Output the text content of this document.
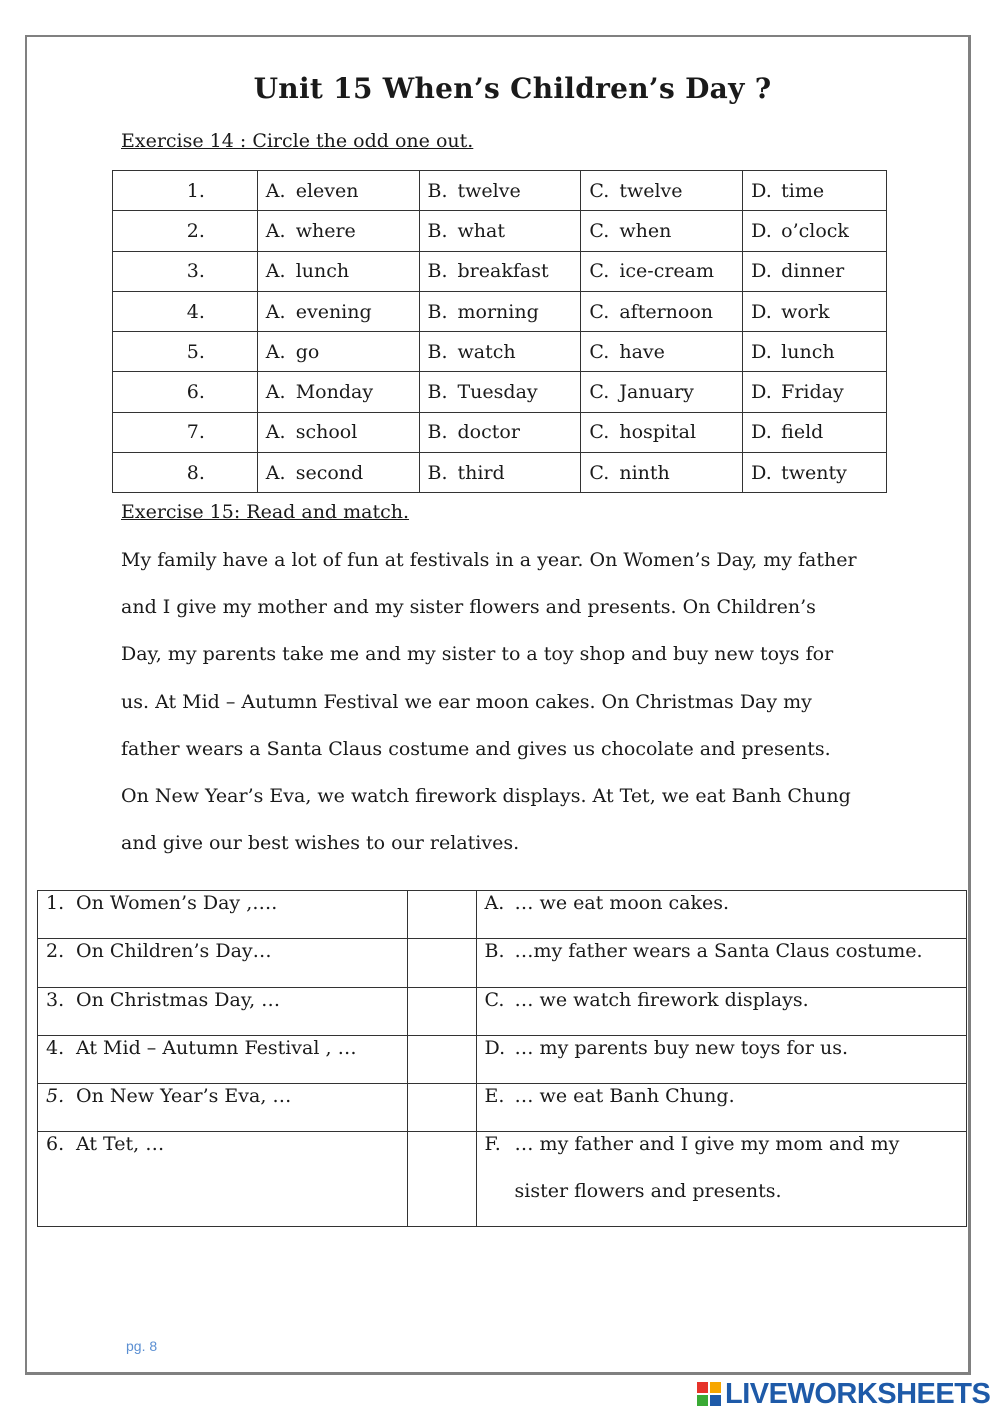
Unit 15 When’s Children’s Day ?
Exercise 14 : Circle the odd one out.
1.	A. eleven	B. twelve	C. twelve	D. time
2.	A. where	B. what	C. when	D. o’clock
3.	A. lunch	B. breakfast	C. ice-cream	D. dinner
4.	A. evening	B. morning	C. afternoon	D. work
5.	A. go	B. watch	C. have	D. lunch
6.	A. Monday	B. Tuesday	C. January	D. Friday
7.	A. school	B. doctor	C. hospital	D. field
8.	A. second	B. third	C. ninth	D. twenty
Exercise 15: Read and match.
My family have a lot of fun at festivals in a year. On Women’s Day, my father
and I give my mother and my sister flowers and presents. On Children’s
Day, my parents take me and my sister to a toy shop and buy new toys for
us. At Mid – Autumn Festival we ear moon cakes. On Christmas Day my
father wears a Santa Claus costume and gives us chocolate and presents.
On New Year’s Eva, we watch firework displays. At Tet, we eat Banh Chung
and give our best wishes to our relatives.
1. On Women’s Day ,….		A. … we eat moon cakes.
2. On Children’s Day…		B. …my father wears a Santa Claus costume.
3. On Christmas Day, …		C. … we watch firework displays.
4. At Mid – Autumn Festival , …		D. … my parents buy new toys for us.
5. On New Year’s Eva, …		E. … we eat Banh Chung.
6. At Tet, …		F. … my father and I give my mom and my
sister flowers and presents.
pg. 8
LIVEWORKSHEETS
